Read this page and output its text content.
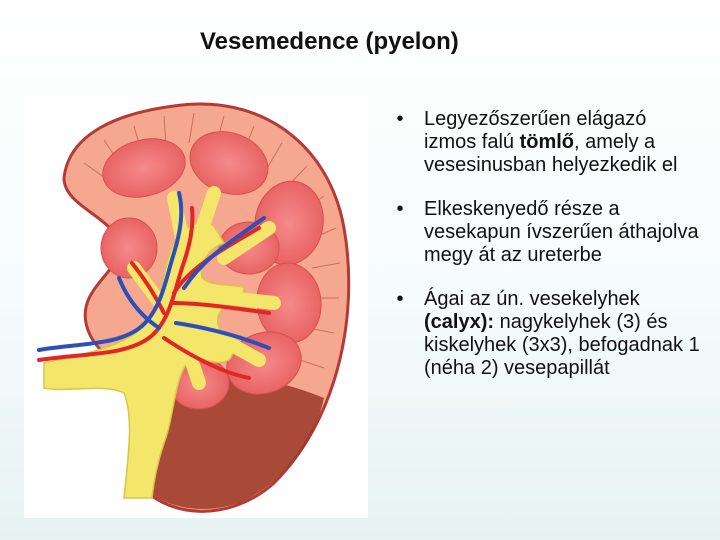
Vesemedence (pyelon)
• Legyezőszerűen elágazó izmos falú tömlő, amely a vesesinusban helyezkedik el
• Elkeskenyedő része a vesekapun ívszerűen áthajolva megy át az ureterbe
• Ágai az ún. vesekelyhek (calyx): nagykelyhek (3) és kiskelyhek (3x3), befogadnak 1 (néha 2) vesepapillát
